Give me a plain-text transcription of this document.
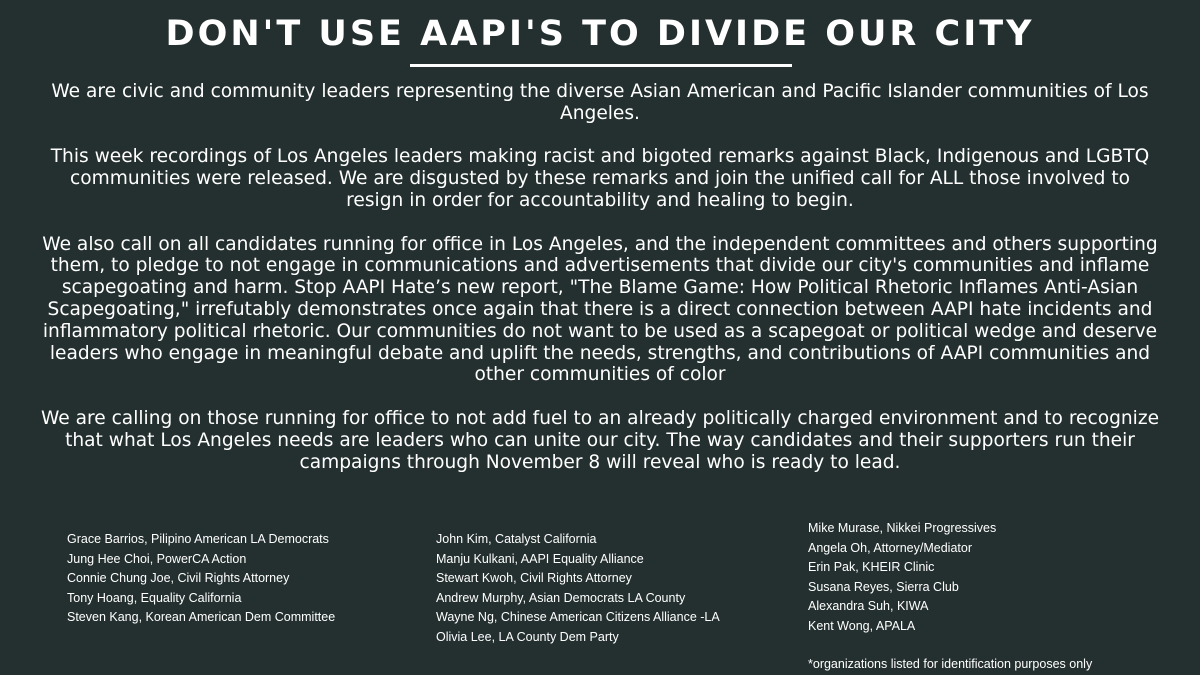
DON'T USE AAPI'S TO DIVIDE OUR CITY

We are civic and community leaders representing the diverse Asian American and Pacific Islander communities of Los Angeles.

This week recordings of Los Angeles leaders making racist and bigoted remarks against Black, Indigenous and LGBTQ communities were released. We are disgusted by these remarks and join the unified call for ALL those involved to resign in order for accountability and healing to begin.

We also call on all candidates running for office in Los Angeles, and the independent committees and others supporting them, to pledge to not engage in communications and advertisements that divide our city's communities and inflame scapegoating and harm. Stop AAPI Hate’s new report, "The Blame Game: How Political Rhetoric Inflames Anti-Asian Scapegoating," irrefutably demonstrates once again that there is a direct connection between AAPI hate incidents and inflammatory political rhetoric. Our communities do not want to be used as a scapegoat or political wedge and deserve leaders who engage in meaningful debate and uplift the needs, strengths, and contributions of AAPI communities and other communities of color

We are calling on those running for office to not add fuel to an already politically charged environment and to recognize that what Los Angeles needs are leaders who can unite our city. The way candidates and their supporters run their campaigns through November 8 will reveal who is ready to lead.

Grace Barrios, Pilipino American LA Democrats
Jung Hee Choi, PowerCA Action
Connie Chung Joe, Civil Rights Attorney
Tony Hoang, Equality California
Steven Kang, Korean American Dem Committee
John Kim, Catalyst California
Manju Kulkani, AAPI Equality Alliance
Stewart Kwoh, Civil Rights Attorney
Andrew Murphy, Asian Democrats LA County
Wayne Ng, Chinese American Citizens Alliance -LA
Olivia Lee, LA County Dem Party
Mike Murase, Nikkei Progressives
Angela Oh, Attorney/Mediator
Erin Pak, KHEIR Clinic
Susana Reyes, Sierra Club
Alexandra Suh, KIWA
Kent Wong, APALA
*organizations listed for identification purposes only
